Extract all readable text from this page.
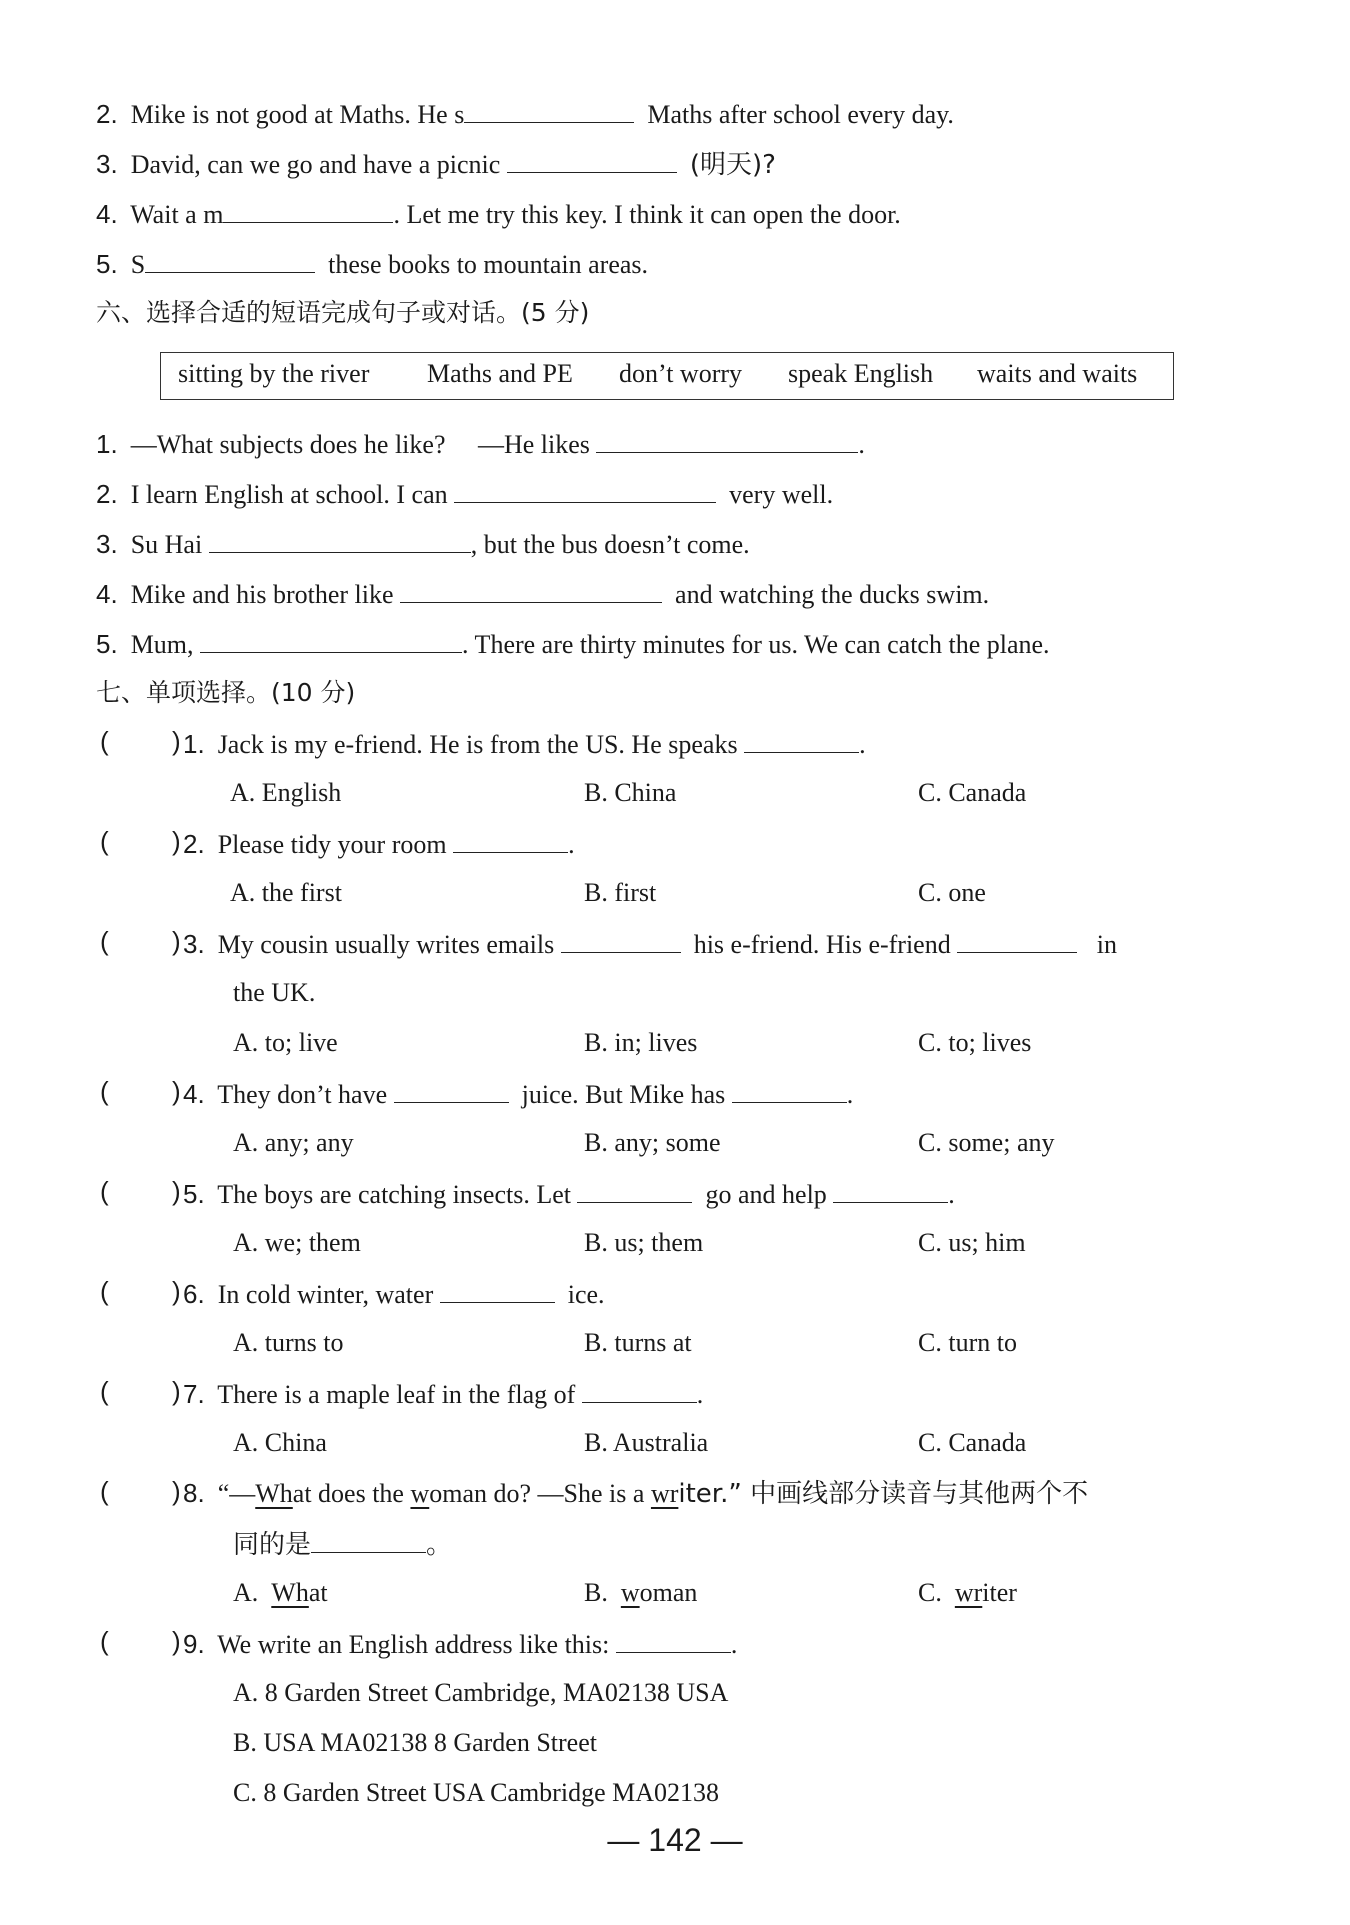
2. Mike is not good at Maths. He s	Maths after school every day.
3. David, can we go and have a picnic	(明天)?
4. Wait a m	. Let me try this key. I think it can open the door.
5. S	these books to mountain areas.
六、选择合适的短语完成句子或对话。(5 分)
sitting by the river Maths and PE don’t worry speak English waits and waits
1. —What subjects does he like? —He likes	.
2. I learn English at school. I can	very well.
3. Su Hai	, but the bus doesn’t come.
4. Mike and his brother like	and watching the ducks swim.
5. Mum,	. There are thirty minutes for us. We can catch the plane.
七、单项选择。(10 分)
( ) 1. Jack is my e-friend. He is from the US. He speaks	.
A. English	B. China	C. Canada
( ) 2. Please tidy your room	.
A. the first	B. first	C. one
( ) 3. My cousin usually writes emails	his e-friend. His e-friend	in
the UK.
A. to; live	B. in; lives	C. to; lives
( ) 4. They don’t have	juice. But Mike has	.
A. any; any	B. any; some	C. some; any
( ) 5. The boys are catching insects. Let	go and help	.
A. we; them	B. us; them	C. us; him
( ) 6. In cold winter, water	ice.
A. turns to	B. turns at	C. turn to
( ) 7. There is a maple leaf in the flag of	.
A. China	B. Australia	C. Canada
( ) 8. “—What does the woman do? —She is a writer.” 中画线部分读音与其他两个不
同的是	。
A. What	B. woman	C. writer
( ) 9. We write an English address like this:	.
A. 8 Garden Street Cambridge, MA02138 USA
B. USA MA02138 8 Garden Street
C. 8 Garden Street USA Cambridge MA02138
— 142 —
